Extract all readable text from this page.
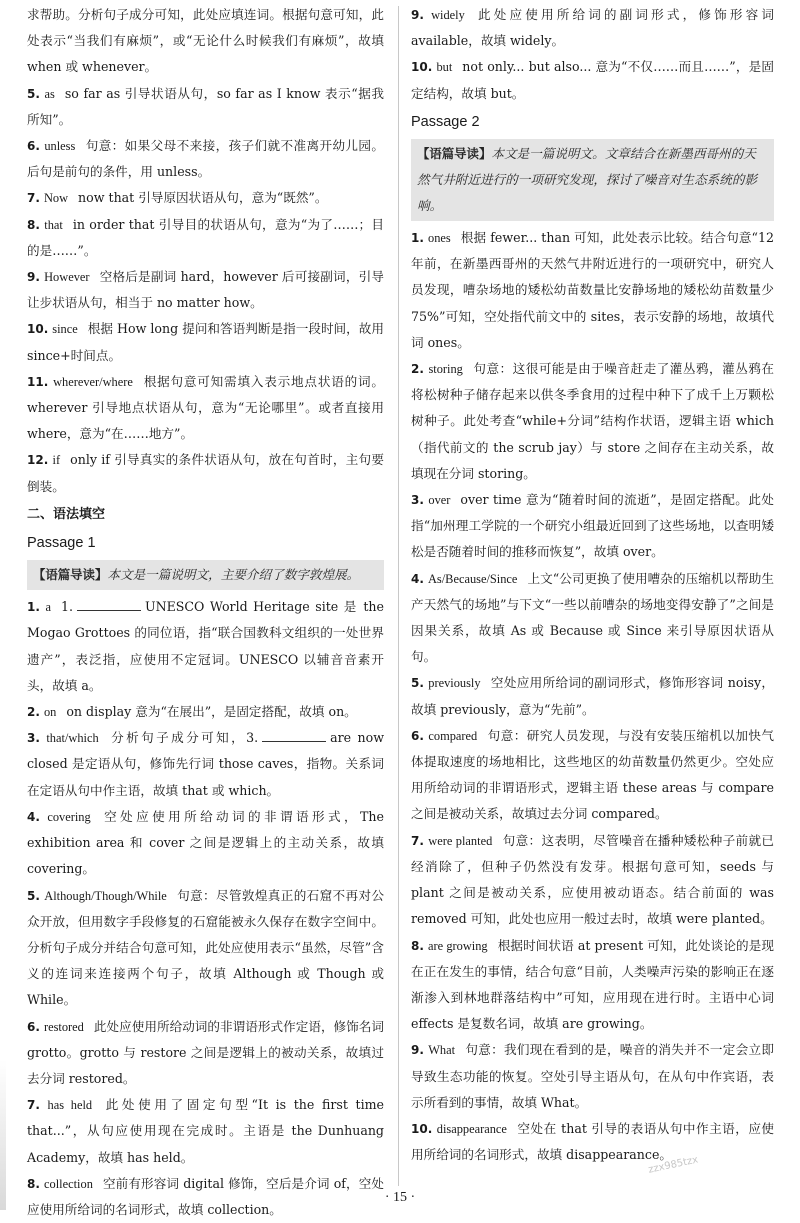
求帮助。分析句子成分可知，此处应填连词。根据句意可知，此处表示“当我们有麻烦”，或“无论什么时候我们有麻烦”，故填 when 或 whenever。

5. as so far as 引导状语从句，so far as I know 表示“据我所知”。

6. unless 句意：如果父母不来接，孩子们就不准离开幼儿园。后句是前句的条件，用 unless。

7. Now now that 引导原因状语从句，意为“既然”。

8. that in order that 引导目的状语从句，意为“为了……；目的是……”。

9. However 空格后是副词 hard，however 后可接副词，引导让步状语从句，相当于 no matter how。

10. since 根据 How long 提问和答语判断是指一段时间，故用 since+时间点。

11. wherever/where 根据句意可知需填入表示地点状语的词。wherever 引导地点状语从句，意为“无论哪里”。或者直接用 where，意为“在……地方”。

12. if only if 引导真实的条件状语从句，放在句首时，主句要倒装。

二、语法填空
Passage 1
【语篇导读】本文是一篇说明文，主要介绍了数字敦煌展。

1. a 1.	UNESCO World Heritage site 是 the Mogao Grottoes 的同位语，指“联合国教科文组织的一处世界遗产”，表泛指，应使用不定冠词。UNESCO 以辅音音素开头，故填 a。

2. on on display 意为“在展出”，是固定搭配，故填 on。

3. that/which 分析句子成分可知，3.	are now closed 是定语从句，修饰先行词 those caves，指物。关系词在定语从句中作主语，故填 that 或 which。

4. covering 空处应使用所给动词的非谓语形式，The exhibition area 和 cover 之间是逻辑上的主动关系，故填 covering。

5. Although/Though/While 句意：尽管敦煌真正的石窟不再对公众开放，但用数字手段修复的石窟能被永久保存在数字空间中。分析句子成分并结合句意可知，此处应使用表示“虽然，尽管”含义的连词来连接两个句子，故填 Although 或 Though 或 While。

6. restored 此处应使用所给动词的非谓语形式作定语，修饰名词 grotto。grotto 与 restore 之间是逻辑上的被动关系，故填过去分词 restored。

7. has held 此处使用了固定句型“It is the first time that...”，从句应使用现在完成时。主语是 the Dunhuang Academy，故填 has held。

8. collection 空前有形容词 digital 修饰，空后是介词 of，空处应使用所给词的名词形式，故填 collection。

9. widely 此处应使用所给词的副词形式，修饰形容词 available，故填 widely。

10. but not only... but also... 意为“不仅……而且……”，是固定结构，故填 but。

Passage 2
【语篇导读】本文是一篇说明文。文章结合在新墨西哥州的天然气井附近进行的一项研究发现，探讨了噪音对生态系统的影响。

1. ones 根据 fewer... than 可知，此处表示比较。结合句意“12 年前，在新墨西哥州的天然气井附近进行的一项研究中，研究人员发现，嘈杂场地的矮松幼苗数量比安静场地的矮松幼苗数量少 75%”可知，空处指代前文中的 sites，表示安静的场地，故填代词 ones。

2. storing 句意：这很可能是由于噪音赶走了灌丛鸦，灌丛鸦在将松树种子储存起来以供冬季食用的过程中种下了成千上万颗松树种子。此处考查“while+分词”结构作状语，逻辑主语 which（指代前文的 the scrub jay）与 store 之间存在主动关系，故填现在分词 storing。

3. over over time 意为“随着时间的流逝”，是固定搭配。此处指“加州理工学院的一个研究小组最近回到了这些场地，以查明矮松是否随着时间的推移而恢复”，故填 over。

4. As/Because/Since 上文“公司更换了使用嘈杂的压缩机以帮助生产天然气的场地”与下文“一些以前嘈杂的场地变得安静了”之间是因果关系，故填 As 或 Because 或 Since 来引导原因状语从句。

5. previously 空处应用所给词的副词形式，修饰形容词 noisy，故填 previously，意为“先前”。

6. compared 句意：研究人员发现，与没有安装压缩机以加快气体提取速度的场地相比，这些地区的幼苗数量仍然更少。空处应用所给动词的非谓语形式，逻辑主语 these areas 与 compare 之间是被动关系，故填过去分词 compared。

7. were planted 句意：这表明，尽管噪音在播种矮松种子前就已经消除了，但种子仍然没有发芽。根据句意可知，seeds 与 plant 之间是被动关系，应使用被动语态。结合前面的 was removed 可知，此处也应用一般过去时，故填 were planted。

8. are growing 根据时间状语 at present 可知，此处谈论的是现在正在发生的事情，结合句意“目前，人类噪声污染的影响正在逐渐渗入到林地群落结构中”可知，应用现在进行时。主语中心词 effects 是复数名词，故填 are growing。

9. What 句意：我们现在看到的是，噪音的消失并不一定会立即导致生态功能的恢复。空处引导主语从句，在从句中作宾语，表示所看到的事情，故填 What。

10. disappearance 空处在 that 引导的表语从句中作主语，应使用所给词的名词形式，故填 disappearance。

· 15 ·
zzx985tzx
